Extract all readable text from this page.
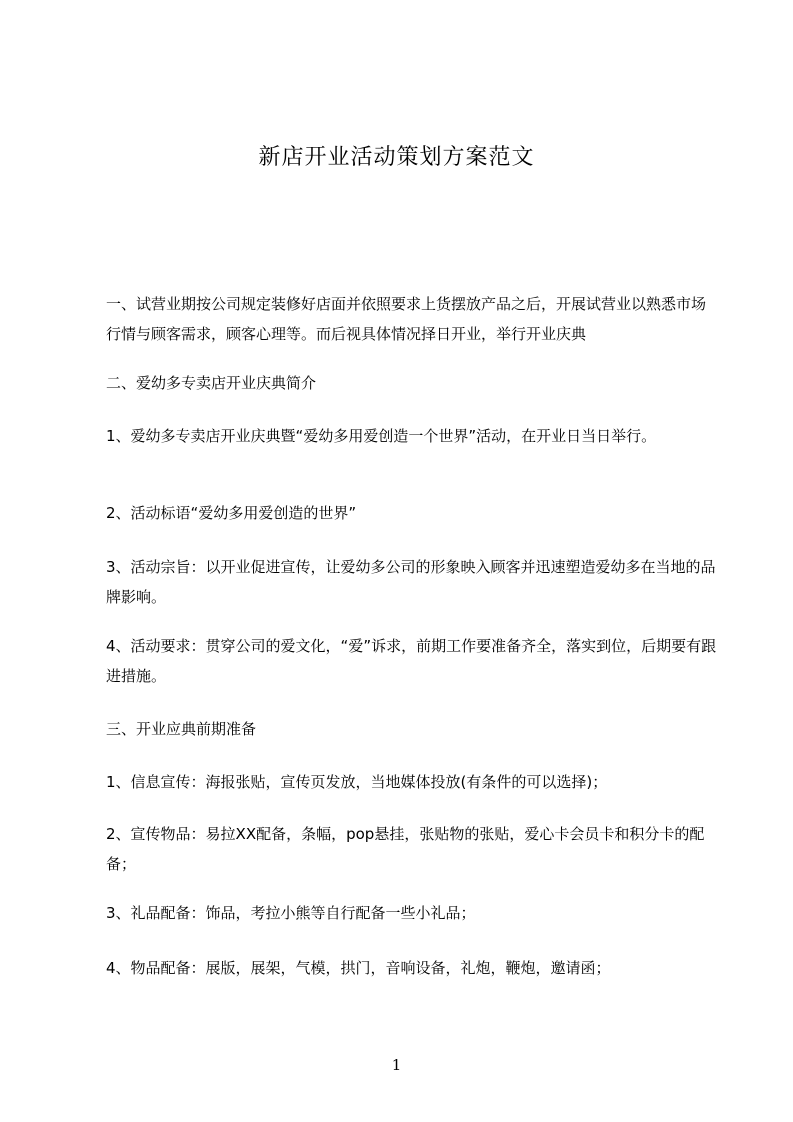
新店开业活动策划方案范文

一、试营业期按公司规定装修好店面并依照要求上货摆放产品之后，开展试营业以熟悉市场行情与顾客需求，顾客心理等。而后视具体情况择日开业，举行开业庆典

二、爱幼多专卖店开业庆典简介

1、爱幼多专卖店开业庆典暨“爱幼多用爱创造一个世界”活动，在开业日当日举行。

2、活动标语“爱幼多用爱创造的世界”

3、活动宗旨：以开业促进宣传，让爱幼多公司的形象映入顾客并迅速塑造爱幼多在当地的品牌影响。

4、活动要求：贯穿公司的爱文化，“爱”诉求，前期工作要准备齐全，落实到位，后期要有跟进措施。

三、开业应典前期准备

1、信息宣传：海报张贴，宣传页发放，当地媒体投放(有条件的可以选择)；

2、宣传物品：易拉XX配备，条幅，pop悬挂，张贴物的张贴，爱心卡会员卡和积分卡的配备；

3、礼品配备：饰品，考拉小熊等自行配备一些小礼品；

4、物品配备：展版，展架，气模，拱门，音响设备，礼炮，鞭炮，邀请函；

1
